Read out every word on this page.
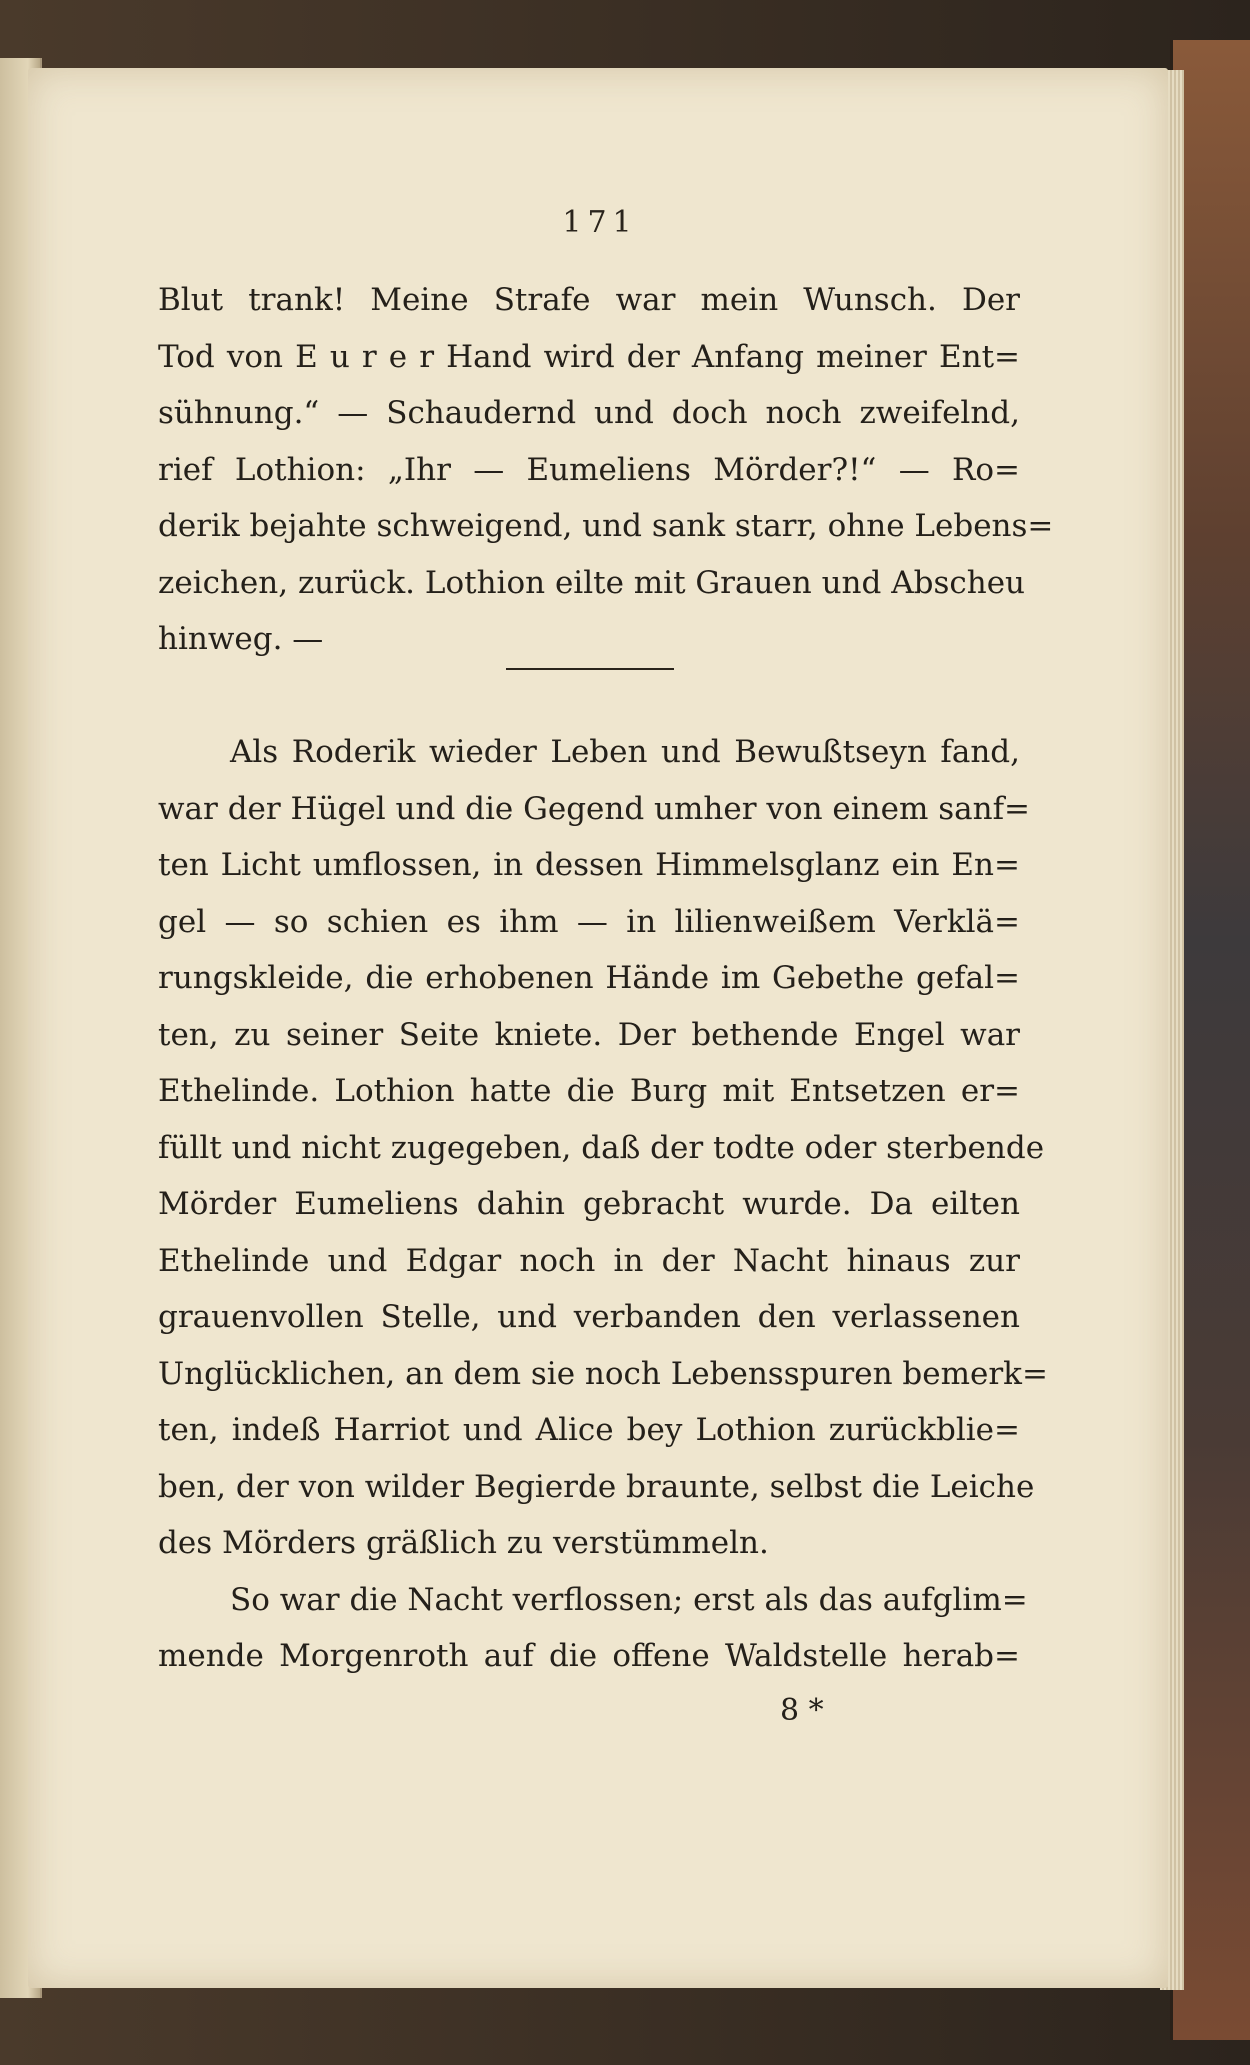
171
Blut trank! Meine Strafe war mein Wunsch. Der
Tod von E u r e r Hand wird der Anfang meiner Ent=
sühnung.“ — Schaudernd und doch noch zweifelnd,
rief Lothion: „Ihr — Eumeliens Mörder?!“ — Ro=
derik bejahte schweigend, und sank starr, ohne Lebens=
zeichen, zurück. Lothion eilte mit Grauen und Abscheu
hinweg. —
Als Roderik wieder Leben und Bewußtseyn fand,
war der Hügel und die Gegend umher von einem sanf=
ten Licht umflossen, in dessen Himmelsglanz ein En=
gel — so schien es ihm — in lilienweißem Verklä=
rungskleide, die erhobenen Hände im Gebethe gefal=
ten, zu seiner Seite kniete. Der bethende Engel war
Ethelinde. Lothion hatte die Burg mit Entsetzen er=
füllt und nicht zugegeben, daß der todte oder sterbende
Mörder Eumeliens dahin gebracht wurde. Da eilten
Ethelinde und Edgar noch in der Nacht hinaus zur
grauenvollen Stelle, und verbanden den verlassenen
Unglücklichen, an dem sie noch Lebensspuren bemerk=
ten, indeß Harriot und Alice bey Lothion zurückblie=
ben, der von wilder Begierde braunte, selbst die Leiche
des Mörders gräßlich zu verstümmeln.
So war die Nacht verflossen; erst als das aufglim=
mende Morgenroth auf die offene Waldstelle herab=
8 *
